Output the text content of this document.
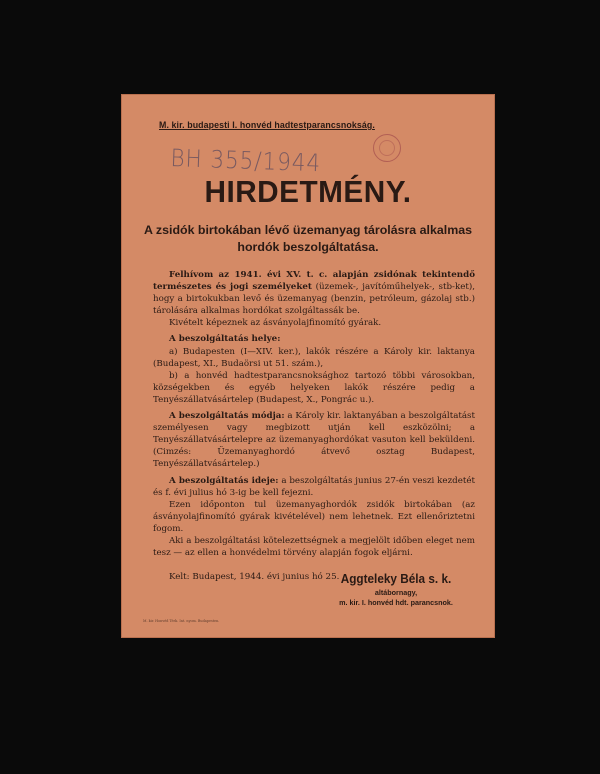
M. kir. budapesti I. honvéd hadtestparancsnokság.
BH 355/1944
HIRDETMÉNY.
A zsidók birtokában lévő üzemanyag tárolásra alkalmas hordók beszolgáltatása.

Felhívom az 1941. évi XV. t. c. alapján zsidónak tekintendő természetes és jogi személyeket (üzemek-, javítóműhelyek-, stb-ket), hogy a birtokukban levő és üzemanyag (benzin, petróleum, gázolaj stb.) tárolására alkalmas hordókat szolgáltassák be.

Kivételt képeznek az ásványolajfinomító gyárak.

A beszolgáltatás helye:

a) Budapesten (I—XIV. ker.), lakók részére a Károly kir. laktanya (Budapest, XI., Budaörsi ut 51. szám.),

b) a honvéd hadtestparancsnoksághoz tartozó többi városokban, községekben és egyéb helyeken lakók részére pedig a Tenyészállatvásártelep (Budapest, X., Pongrác u.).

A beszolgáltatás módja: a Károly kir. laktanyában a beszolgáltatást személyesen vagy megbizott utján kell eszközölni; a Tenyészállatvásártelepre az üzemanyaghordókat vasuton kell beküldeni. (Cimzés: Üzemanyaghordó átvevő osztag Budapest, Tenyészállatvásártelep.)

A beszolgáltatás ideje: a beszolgáltatás junius 27-én veszi kezdetét és f. évi julius hó 3-ig be kell fejezni.

Ezen időponton tul üzemanyaghordók zsidók birtokában (az ásványolajfinomító gyárak kivételével) nem lehetnek. Ezt ellenőriztetni fogom.

Aki a beszolgáltatási kötelezettségnek a megjelölt időben eleget nem tesz — az ellen a honvédelmi törvény alapján fogok eljárni.

Kelt: Budapest, 1944. évi junius hó 25. Aggteleky Béla s. k.
altábornagy,
m. kir. I. honvéd hdt. parancsnok.
M. kir. Honvéd Térk. Int. nyom. Budapesten.
